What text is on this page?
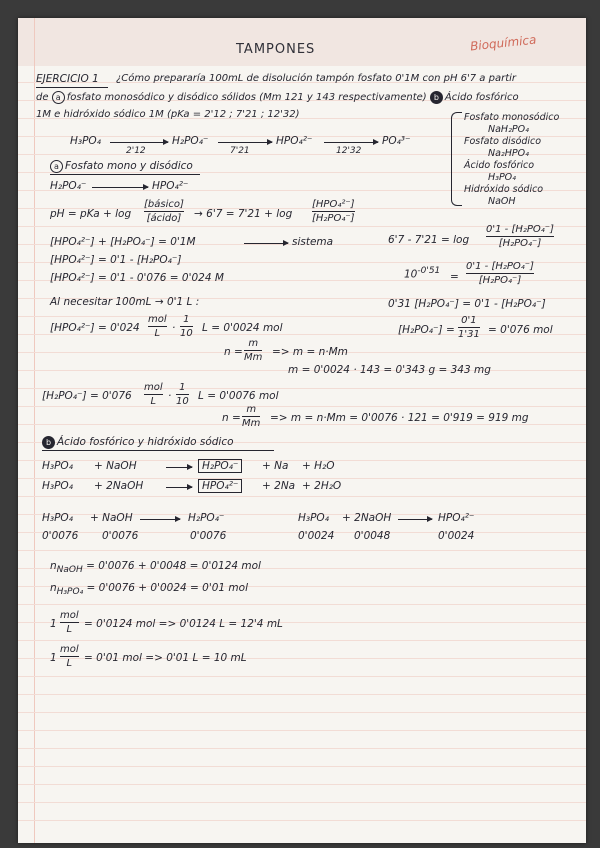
TAMPONES	Bioquímica
EJERCICIO 1 ¿Cómo prepararía 100mL de disolución tampón fosfato 0'1M con pH 6'7 a partir
de a fosfato monosódico y disódico sólidos (Mm 121 y 143 respectivamente) b Ácido fosfórico
1M e hidróxido sódico 1M (pKa = 2'12 ; 7'21 ; 12'32)	Fosfato monosódico
NaH₂PO₄
Fosfato disódico
Na₂HPO₄
Ácido fosfórico
H₃PO₄
Hidróxido sódico
NaOH
H₃PO₄
2'12
H₂PO₄⁻
7'21
HPO₄²⁻
12'32
PO₄³⁻
a Fosfato mono y disódico
H₂PO₄⁻	HPO₄²⁻
pH = pKa + log
[básico]
[ácido] → 6'7 = 7'21 + log
[HPO₄²⁻]
[H₂PO₄⁻]
[HPO₄²⁻] + [H₂PO₄⁻] = 0'1M	sistema
[HPO₄²⁻] = 0'1 - [H₂PO₄⁻]
[HPO₄²⁻] = 0'1 - 0'076 = 0'024 M
6'7 - 7'21 = log
0'1 - [H₂PO₄⁻]
[H₂PO₄⁻]
$10^{-0'51}$ =
0'1 - [H₂PO₄⁻]
[H₂PO₄⁻]
0'31 [H₂PO₄⁻] = 0'1 - [H₂PO₄⁻]
[H₂PO₄⁻] =
0'1
1'31 = 0'076 mol
Al necesitar 100mL → 0'1 L :
[HPO₄²⁻] = 0'024
mol
L ·
1
10 L = 0'0024 mol
n =
m
Mm => m = n·Mm
m = 0'0024 · 143 = 0'343 g = 343 mg
[H₂PO₄⁻] = 0'076
mol
L ·
1
10 L = 0'0076 mol
n =
m
Mm => m = n·Mm = 0'0076 · 121 = 0'919 = 919 mg
b Ácido fosfórico y hidróxido sódico
H₃PO₄ + NaOH → H₂PO₄⁻	+ Na + H₂O
H₃PO₄ + 2NaOH → HPO₄²⁻	+ 2Na + 2H₂O
H₃PO₄ + NaOH	H₂PO₄⁻
0'0076 0'0076	0'0076
H₃PO₄ + 2NaOH	HPO₄²⁻
0'0024 0'0048	0'0024
$n_{NaOH} = 0'0076 + 0'0048 = 0'0124$ mol
$n_{H_3PO_4} = 0'0076 + 0'0024 = 0'01$ mol
1
mol
L = 0'0124 mol => 0'0124 L = 12'4 mL
1
mol
L = 0'01 mol => 0'01 L = 10 mL
